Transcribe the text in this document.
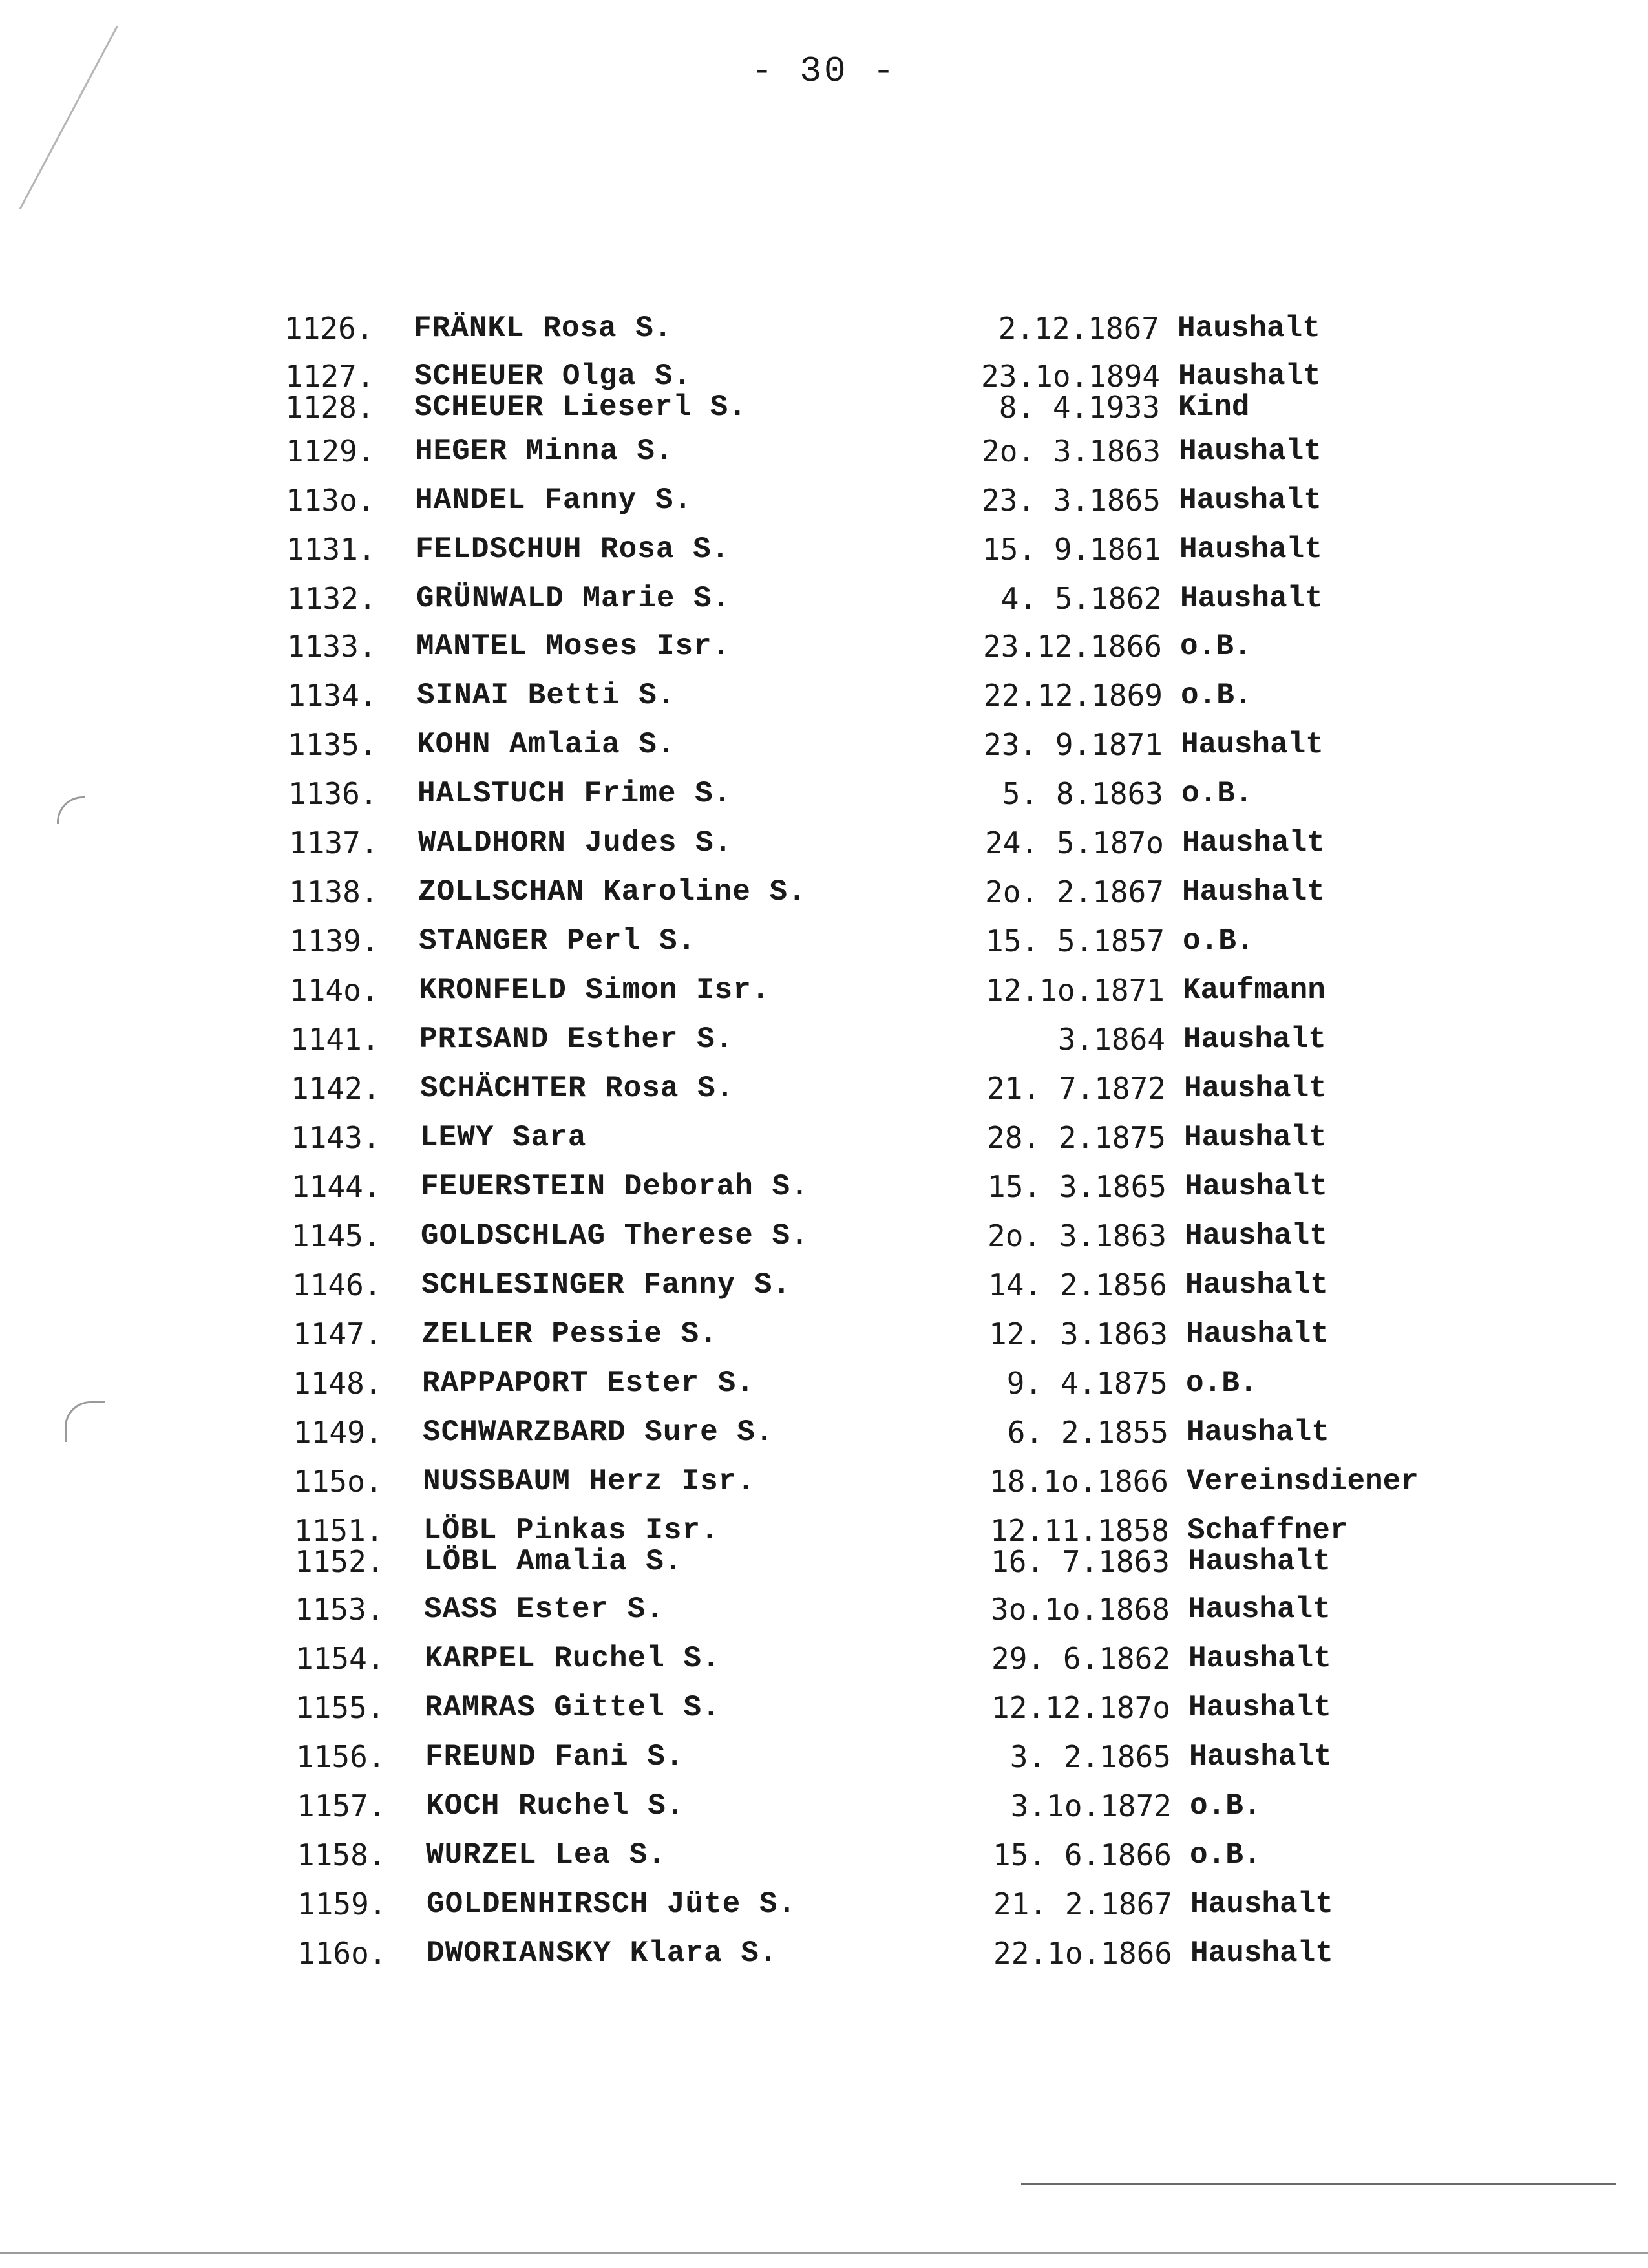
- 30 -
1126. FRÄNKL Rosa S.	2.12.1867 Haushalt
1127. SCHEUER Olga S.	23.1o.1894 Haushalt
1128. SCHEUER Lieserl S.	8. 4.1933 Kind
1129. HEGER Minna S.	2o. 3.1863 Haushalt
113o. HANDEL Fanny S.	23. 3.1865 Haushalt
1131. FELDSCHUH Rosa S.	15. 9.1861 Haushalt
1132. GRÜNWALD Marie S.	4. 5.1862 Haushalt
1133. MANTEL Moses Isr.	23.12.1866 o.B.
1134. SINAI Betti S.	22.12.1869 o.B.
1135. KOHN Amlaia S.	23. 9.1871 Haushalt
1136. HALSTUCH Frime S.	5. 8.1863 o.B.
1137. WALDHORN Judes S.	24. 5.187o Haushalt
1138. ZOLLSCHAN Karoline S.	2o. 2.1867 Haushalt
1139. STANGER Perl S.	15. 5.1857 o.B.
114o. KRONFELD Simon Isr.	12.1o.1871 Kaufmann
1141. PRISAND Esther S.	3.1864 Haushalt
1142. SCHÄCHTER Rosa S.	21. 7.1872 Haushalt
1143. LEWY Sara	28. 2.1875 Haushalt
1144. FEUERSTEIN Deborah S.	15. 3.1865 Haushalt
1145. GOLDSCHLAG Therese S.	2o. 3.1863 Haushalt
1146. SCHLESINGER Fanny S.	14. 2.1856 Haushalt
1147. ZELLER Pessie S.	12. 3.1863 Haushalt
1148. RAPPAPORT Ester S.	9. 4.1875 o.B.
1149. SCHWARZBARD Sure S.	6. 2.1855 Haushalt
115o. NUSSBAUM Herz Isr.	18.1o.1866 Vereinsdiener
1151. LÖBL Pinkas Isr.	12.11.1858 Schaffner
1152. LÖBL Amalia S.	16. 7.1863 Haushalt
1153. SASS Ester S.	3o.1o.1868 Haushalt
1154. KARPEL Ruchel S.	29. 6.1862 Haushalt
1155. RAMRAS Gittel S.	12.12.187o Haushalt
1156. FREUND Fani S.	3. 2.1865 Haushalt
1157. KOCH Ruchel S.	3.1o.1872 o.B.
1158. WURZEL Lea S.	15. 6.1866 o.B.
1159. GOLDENHIRSCH Jüte S.	21. 2.1867 Haushalt
116o. DWORIANSKY Klara S.	22.1o.1866 Haushalt
